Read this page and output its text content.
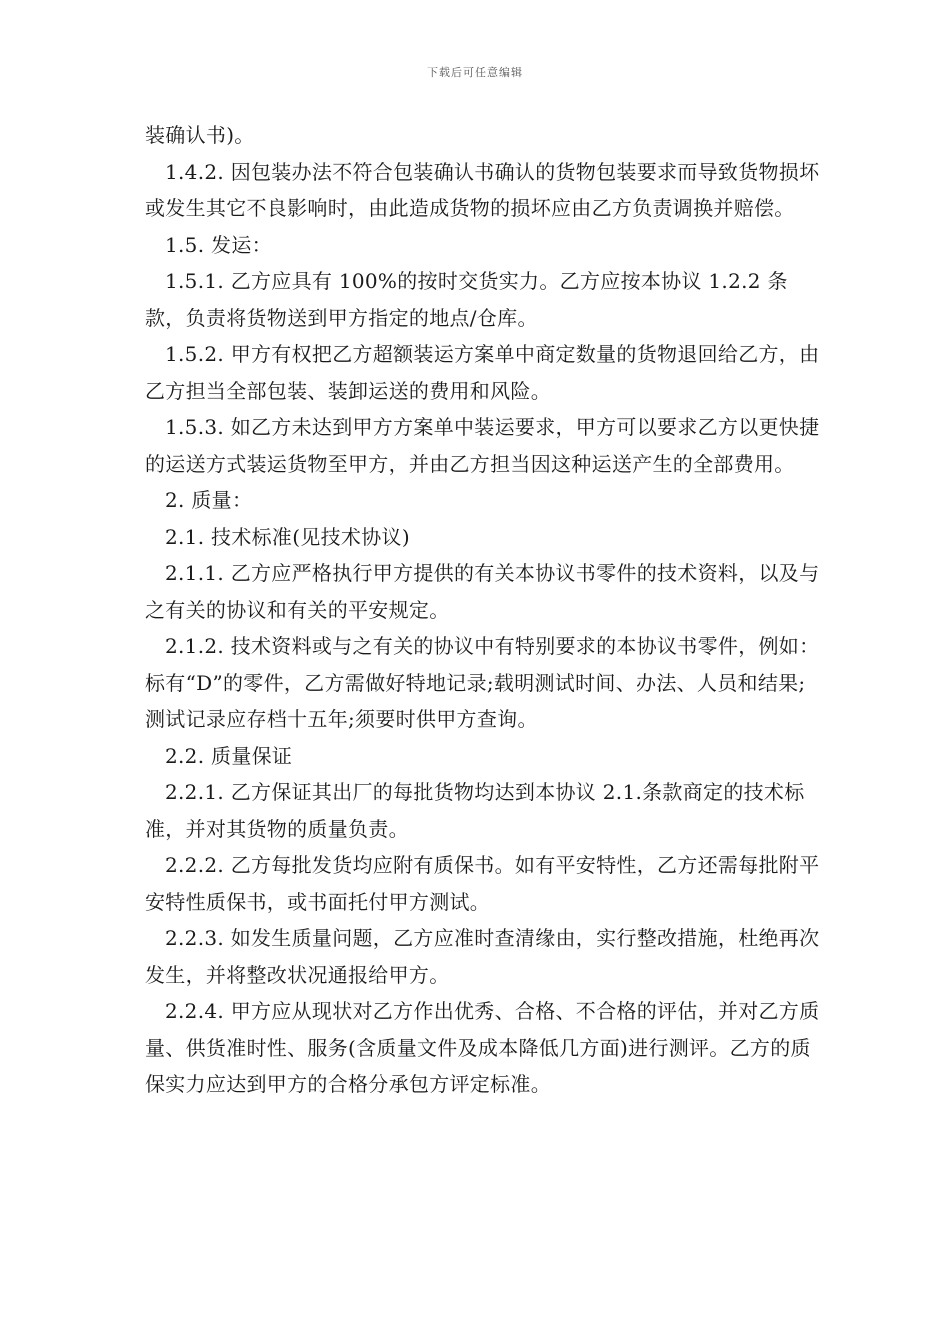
下载后可任意编辑

装确认书)。

1.4.2. 因包装办法不符合包装确认书确认的货物包装要求而导致货物损坏或发生其它不良影响时，由此造成货物的损坏应由乙方负责调换并赔偿。

1.5. 发运：

1.5.1. 乙方应具有 100%的按时交货实力。乙方应按本协议 1.2.2 条款，负责将货物送到甲方指定的地点/仓库。

1.5.2. 甲方有权把乙方超额装运方案单中商定数量的货物退回给乙方，由乙方担当全部包装、装卸运送的费用和风险。

1.5.3. 如乙方未达到甲方方案单中装运要求，甲方可以要求乙方以更快捷的运送方式装运货物至甲方，并由乙方担当因这种运送产生的全部费用。

2. 质量：

2.1. 技术标准(见技术协议)

2.1.1. 乙方应严格执行甲方提供的有关本协议书零件的技术资料，以及与之有关的协议和有关的平安规定。

2.1.2. 技术资料或与之有关的协议中有特别要求的本协议书零件，例如：标有“D”的零件，乙方需做好特地记录;载明测试时间、办法、人员和结果;测试记录应存档十五年;须要时供甲方查询。

2.2. 质量保证

2.2.1. 乙方保证其出厂的每批货物均达到本协议 2.1.条款商定的技术标准，并对其货物的质量负责。

2.2.2. 乙方每批发货均应附有质保书。如有平安特性，乙方还需每批附平安特性质保书，或书面托付甲方测试。

2.2.3. 如发生质量问题，乙方应准时查清缘由，实行整改措施，杜绝再次发生，并将整改状况通报给甲方。

2.2.4. 甲方应从现状对乙方作出优秀、合格、不合格的评估，并对乙方质量、供货准时性、服务(含质量文件及成本降低几方面)进行测评。乙方的质保实力应达到甲方的合格分承包方评定标准。
